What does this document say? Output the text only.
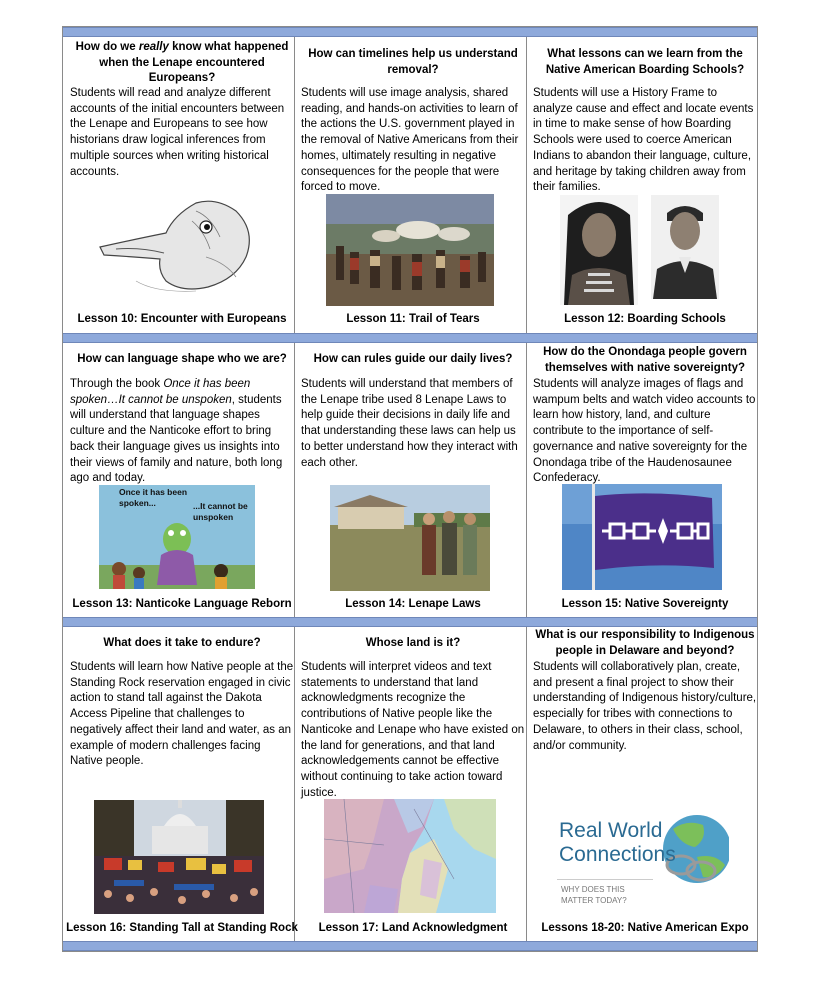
How do we really know what happened when the Lenape encountered Europeans?
Students will read and analyze different accounts of the initial encounters between the Lenape and Europeans to see how historians draw logical inferences from multiple sources when writing historical accounts.
Lesson 10: Encounter with Europeans
How can timelines help us understand removal?
Students will use image analysis, shared reading, and hands-on activities to learn of the actions the U.S. government played in the removal of Native Americans from their homes, ultimately resulting in negative consequences for the people that were forced to move.
Lesson 11: Trail of Tears
What lessons can we learn from the Native American Boarding Schools?
Students will use a History Frame to analyze cause and effect and locate events in time to make sense of how Boarding Schools were used to coerce American Indians to abandon their language, culture, and heritage by taking children away from their families.
Lesson 12: Boarding Schools
How can language shape who we are?
Through the book Once it has been spoken…It cannot be unspoken, students will understand that language shapes culture and the Nanticoke effort to bring back their language gives us insights into their views of family and nature, both long ago and today.
Once it has been spoken...	...It cannot be unspoken
Lesson 13: Nanticoke Language Reborn
How can rules guide our daily lives?
Students will understand that members of the Lenape tribe used 8 Lenape Laws to help guide their decisions in daily life and that understanding these laws can help us to better understand how they interact with each other.
Lesson 14: Lenape Laws
How do the Onondaga people govern themselves with native sovereignty?
Students will analyze images of flags and wampum belts and watch video accounts to learn how history, land, and culture contribute to the importance of self-governance and native sovereignty for the Onondaga tribe of the Haudenosaunee Confederacy.
Lesson 15: Native Sovereignty
What does it take to endure?
Students will learn how Native people at the Standing Rock reservation engaged in civic action to stand tall against the Dakota Access Pipeline that challenges to negatively affect their land and water, as an example of modern challenges facing Native people.
Lesson 16: Standing Tall at Standing Rock
Whose land is it?
Students will interpret videos and text statements to understand that land acknowledgments recognize the contributions of Native people like the Nanticoke and Lenape who have existed on the land for generations, and that land acknowledgements cannot be effective without continuing to take action toward justice.
Lesson 17: Land Acknowledgment
What is our responsibility to Indigenous people in Delaware and beyond?
Students will collaboratively plan, create, and present a final project to show their understanding of Indigenous history/culture, especially for tribes with connections to Delaware, to others in their class, school, and/or community.
Real World
Connections
WHY DOES THIS
MATTER TODAY?
Lessons 18-20: Native American Expo
